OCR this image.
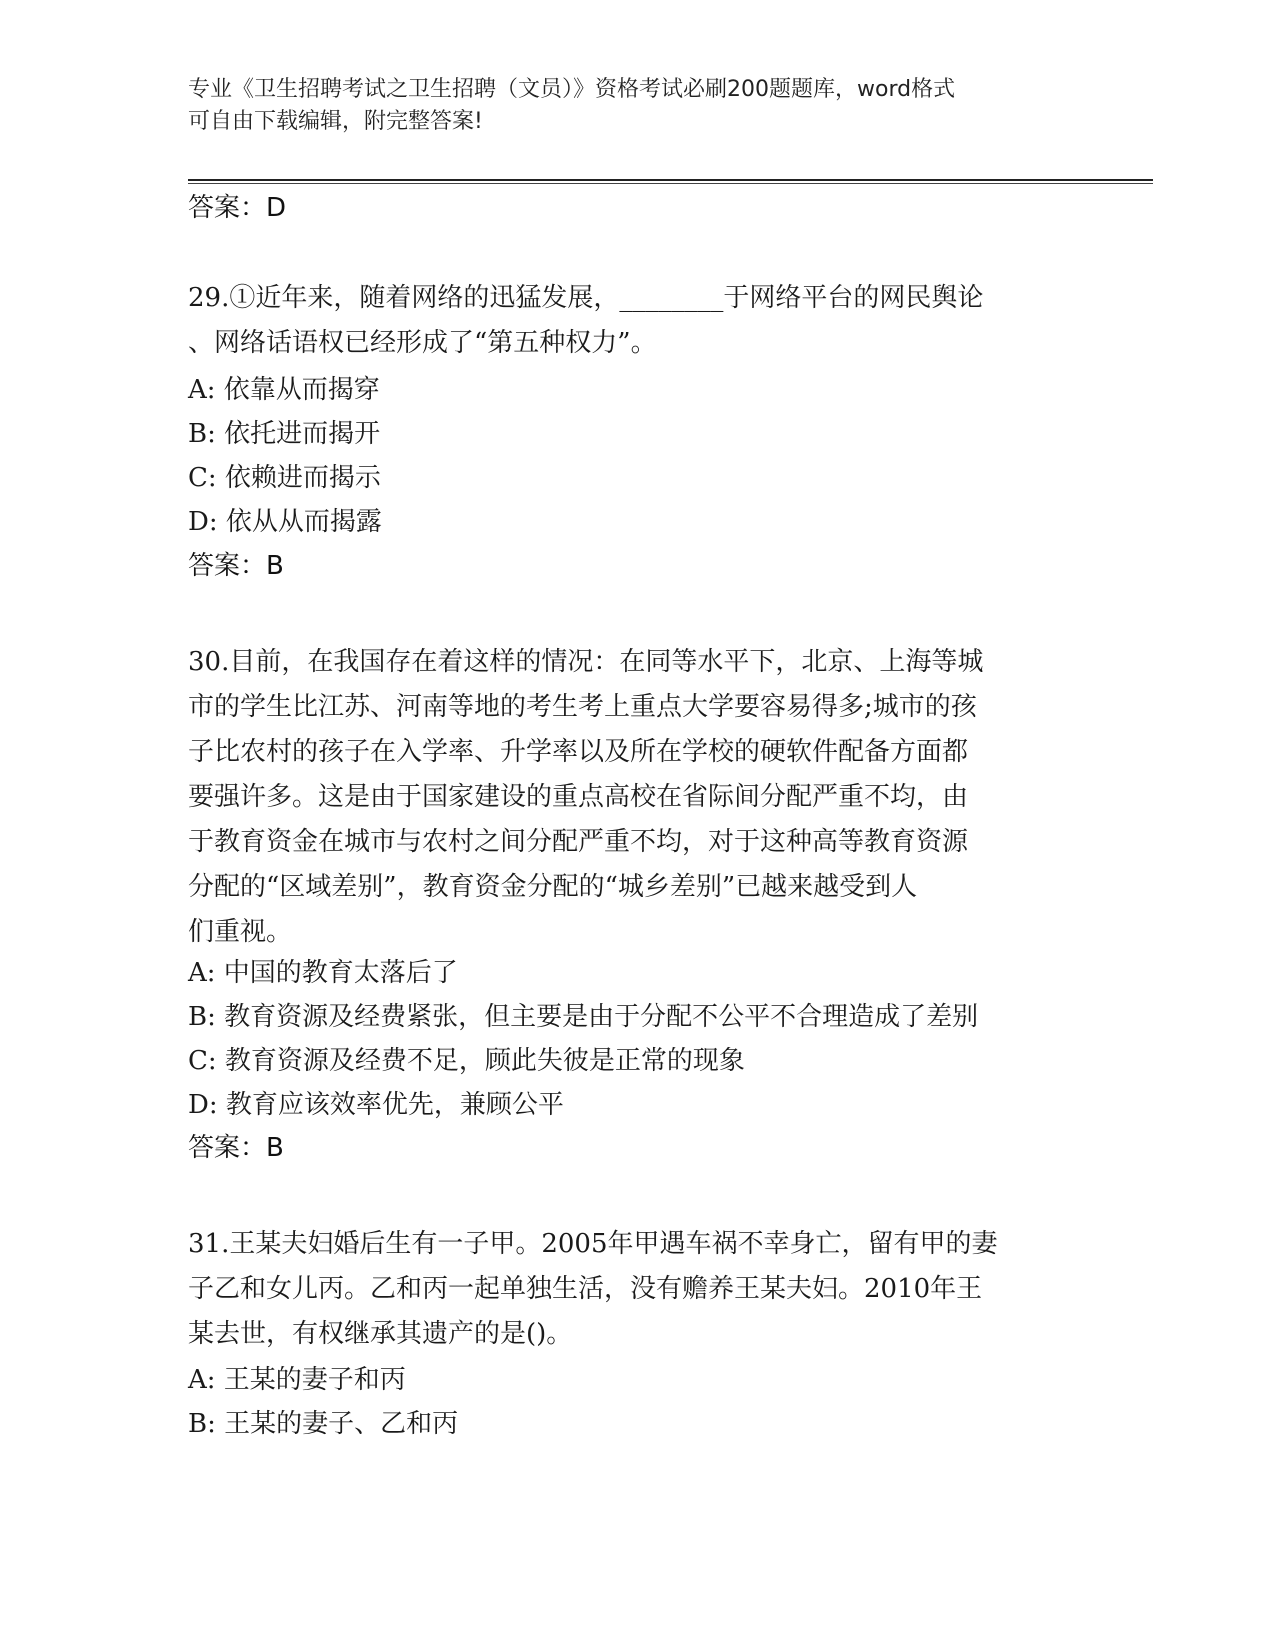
专业《卫生招聘考试之卫生招聘（文员）》资格考试必刷200题题库，word格式
可自由下载编辑，附完整答案!
答案：D
29.①近年来，随着网络的迅猛发展，________于网络平台的网民舆论
、网络话语权已经形成了“第五种权力”。
A: 依靠从而揭穿
B: 依托进而揭开
C: 依赖进而揭示
D: 依从从而揭露
答案：B
30.目前，在我国存在着这样的情况：在同等水平下，北京、上海等城
市的学生比江苏、河南等地的考生考上重点大学要容易得多;城市的孩
子比农村的孩子在入学率、升学率以及所在学校的硬软件配备方面都
要强许多。这是由于国家建设的重点高校在省际间分配严重不均，由
于教育资金在城市与农村之间分配严重不均，对于这种高等教育资源
分配的“区域差别”，教育资金分配的“城乡差别”已越来越受到人
们重视。
A: 中国的教育太落后了
B: 教育资源及经费紧张，但主要是由于分配不公平不合理造成了差别
C: 教育资源及经费不足，顾此失彼是正常的现象
D: 教育应该效率优先，兼顾公平
答案：B
31.王某夫妇婚后生有一子甲。2005年甲遇车祸不幸身亡，留有甲的妻
子乙和女儿丙。乙和丙一起单独生活，没有赡养王某夫妇。2010年王
某去世，有权继承其遗产的是()。
A: 王某的妻子和丙
B: 王某的妻子、乙和丙
